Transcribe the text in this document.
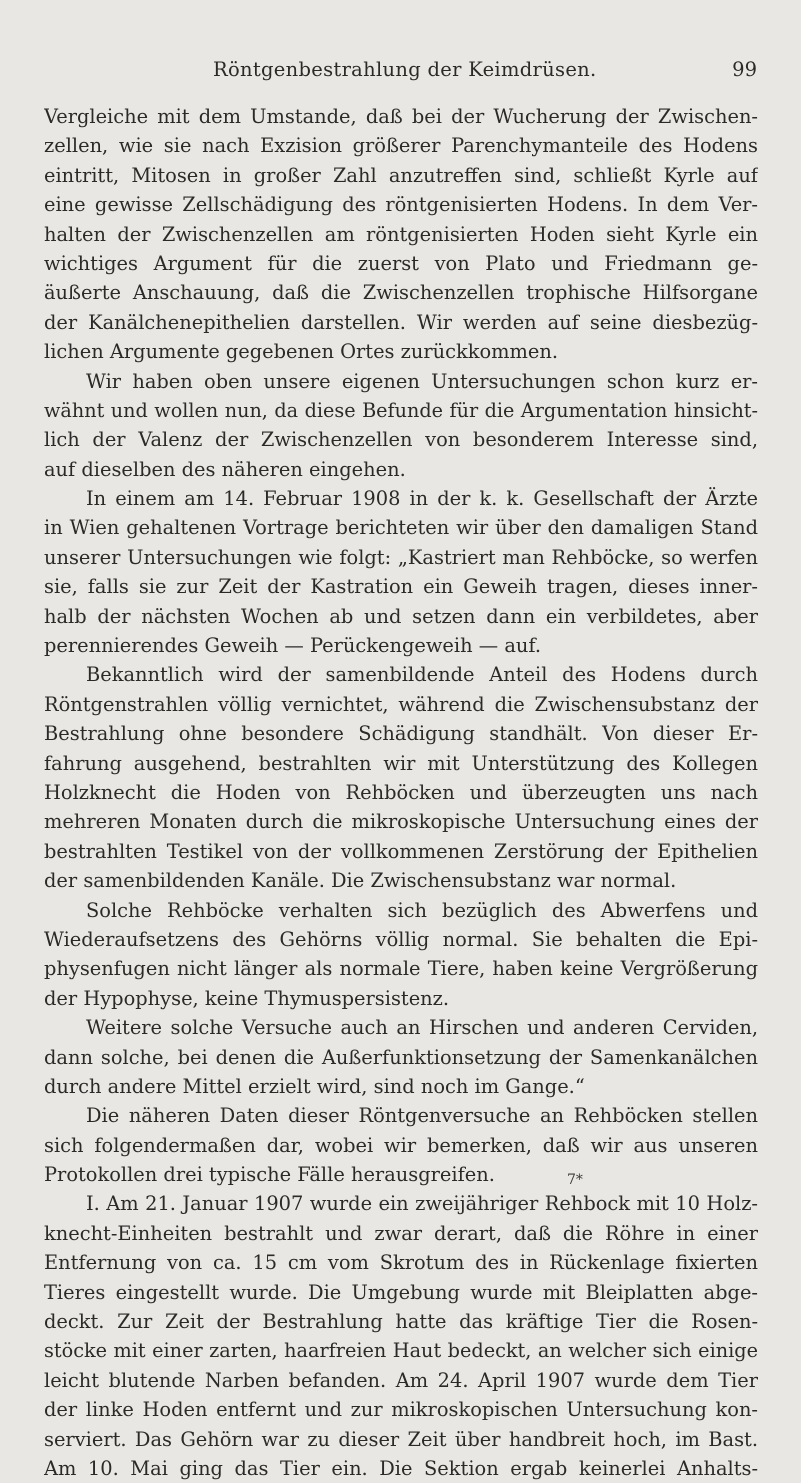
Röntgenbestrahlung der Keimdrüsen.	99
Vergleiche mit dem Umstande, daß bei der Wucherung der Zwischen-
zellen, wie sie nach Exzision größerer Parenchymanteile des Hodens
eintritt, Mitosen in großer Zahl anzutreffen sind, schließt Kyrle auf
eine gewisse Zellschädigung des röntgenisierten Hodens. In dem Ver-
halten der Zwischenzellen am röntgenisierten Hoden sieht Kyrle ein
wichtiges Argument für die zuerst von Plato und Friedmann ge-
äußerte Anschauung, daß die Zwischenzellen trophische Hilfsorgane
der Kanälchenepithelien darstellen. Wir werden auf seine diesbezüg-
lichen Argumente gegebenen Ortes zurückkommen.
Wir haben oben unsere eigenen Untersuchungen schon kurz er-
wähnt und wollen nun, da diese Befunde für die Argumentation hinsicht-
lich der Valenz der Zwischenzellen von besonderem Interesse sind,
auf dieselben des näheren eingehen.
In einem am 14. Februar 1908 in der k. k. Gesellschaft der Ärzte
in Wien gehaltenen Vortrage berichteten wir über den damaligen Stand
unserer Untersuchungen wie folgt: „Kastriert man Rehböcke, so werfen
sie, falls sie zur Zeit der Kastration ein Geweih tragen, dieses inner-
halb der nächsten Wochen ab und setzen dann ein verbildetes, aber
perennierendes Geweih — Perückengeweih — auf.
Bekanntlich wird der samenbildende Anteil des Hodens durch
Röntgenstrahlen völlig vernichtet, während die Zwischensubstanz der
Bestrahlung ohne besondere Schädigung standhält. Von dieser Er-
fahrung ausgehend, bestrahlten wir mit Unterstützung des Kollegen
Holzknecht die Hoden von Rehböcken und überzeugten uns nach
mehreren Monaten durch die mikroskopische Untersuchung eines der
bestrahlten Testikel von der vollkommenen Zerstörung der Epithelien
der samenbildenden Kanäle. Die Zwischensubstanz war normal.
Solche Rehböcke verhalten sich bezüglich des Abwerfens und
Wiederaufsetzens des Gehörns völlig normal. Sie behalten die Epi-
physenfugen nicht länger als normale Tiere, haben keine Vergrößerung
der Hypophyse, keine Thymuspersistenz.
Weitere solche Versuche auch an Hirschen und anderen Cerviden,
dann solche, bei denen die Außerfunktionsetzung der Samenkanälchen
durch andere Mittel erzielt wird, sind noch im Gange.“
Die näheren Daten dieser Röntgenversuche an Rehböcken stellen
sich folgendermaßen dar, wobei wir bemerken, daß wir aus unseren
Protokollen drei typische Fälle herausgreifen.
I. Am 21. Januar 1907 wurde ein zweijähriger Rehbock mit 10 Holz-
knecht-Einheiten bestrahlt und zwar derart, daß die Röhre in einer
Entfernung von ca. 15 cm vom Skrotum des in Rückenlage fixierten
Tieres eingestellt wurde. Die Umgebung wurde mit Bleiplatten abge-
deckt. Zur Zeit der Bestrahlung hatte das kräftige Tier die Rosen-
stöcke mit einer zarten, haarfreien Haut bedeckt, an welcher sich einige
leicht blutende Narben befanden. Am 24. April 1907 wurde dem Tier
der linke Hoden entfernt und zur mikroskopischen Untersuchung kon-
serviert. Das Gehörn war zu dieser Zeit über handbreit hoch, im Bast.
Am 10. Mai ging das Tier ein. Die Sektion ergab keinerlei Anhalts-
7*
